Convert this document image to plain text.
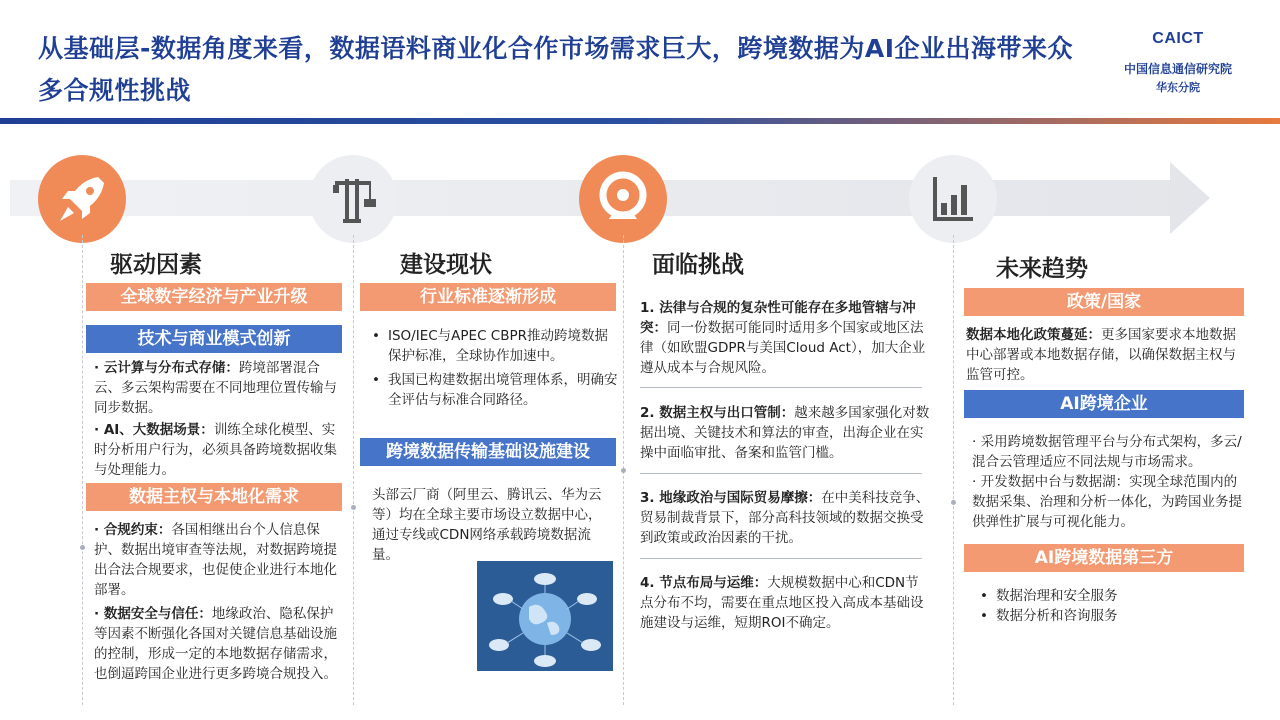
从基础层-数据角度来看，数据语料商业化合作市场需求巨大，跨境数据为AI企业出海带来众多合规性挑战
CAICT
中国信息通信研究院
华东分院
驱动因素
全球数字经济与产业升级
技术与商业模式创新
· 云计算与分布式存储：跨境部署混合云、多云架构需要在不同地理位置传输与同步数据。
· AI、大数据场景：训练全球化模型、实时分析用户行为，必须具备跨境数据收集与处理能力。
数据主权与本地化需求
· 合规约束：各国相继出台个人信息保护、数据出境审查等法规，对数据跨境提出合法合规要求，也促使企业进行本地化部署。
· 数据安全与信任：地缘政治、隐私保护等因素不断强化各国对关键信息基础设施的控制，形成一定的本地数据存储需求，也倒逼跨国企业进行更多跨境合规投入。
建设现状
行业标准逐渐形成
• ISO/IEC与APEC CBPR推动跨境数据保护标准，全球协作加速中。
• 我国已构建数据出境管理体系，明确安全评估与标准合同路径。
跨境数据传输基础设施建设
头部云厂商（阿里云、腾讯云、华为云等）均在全球主要市场设立数据中心，通过专线或CDN网络承载跨境数据流量。
面临挑战
1. 法律与合规的复杂性可能存在多地管辖与冲突：同一份数据可能同时适用多个国家或地区法律（如欧盟GDPR与美国Cloud Act），加大企业遵从成本与合规风险。
2. 数据主权与出口管制：越来越多国家强化对数据出境、关键技术和算法的审查，出海企业在实操中面临审批、备案和监管门槛。
3. 地缘政治与国际贸易摩擦：在中美科技竞争、贸易制裁背景下，部分高科技领域的数据交换受到政策或政治因素的干扰。
4. 节点布局与运维：大规模数据中心和CDN节点分布不均，需要在重点地区投入高成本基础设施建设与运维，短期ROI不确定。
未来趋势
政策/国家
数据本地化政策蔓延：更多国家要求本地数据中心部署或本地数据存储，以确保数据主权与监管可控。
AI跨境企业
· 采用跨境数据管理平台与分布式架构，多云/混合云管理适应不同法规与市场需求。
· 开发数据中台与数据湖：实现全球范围内的数据采集、治理和分析一体化，为跨国业务提供弹性扩展与可视化能力。
AI跨境数据第三方
• 数据治理和安全服务
• 数据分析和咨询服务
